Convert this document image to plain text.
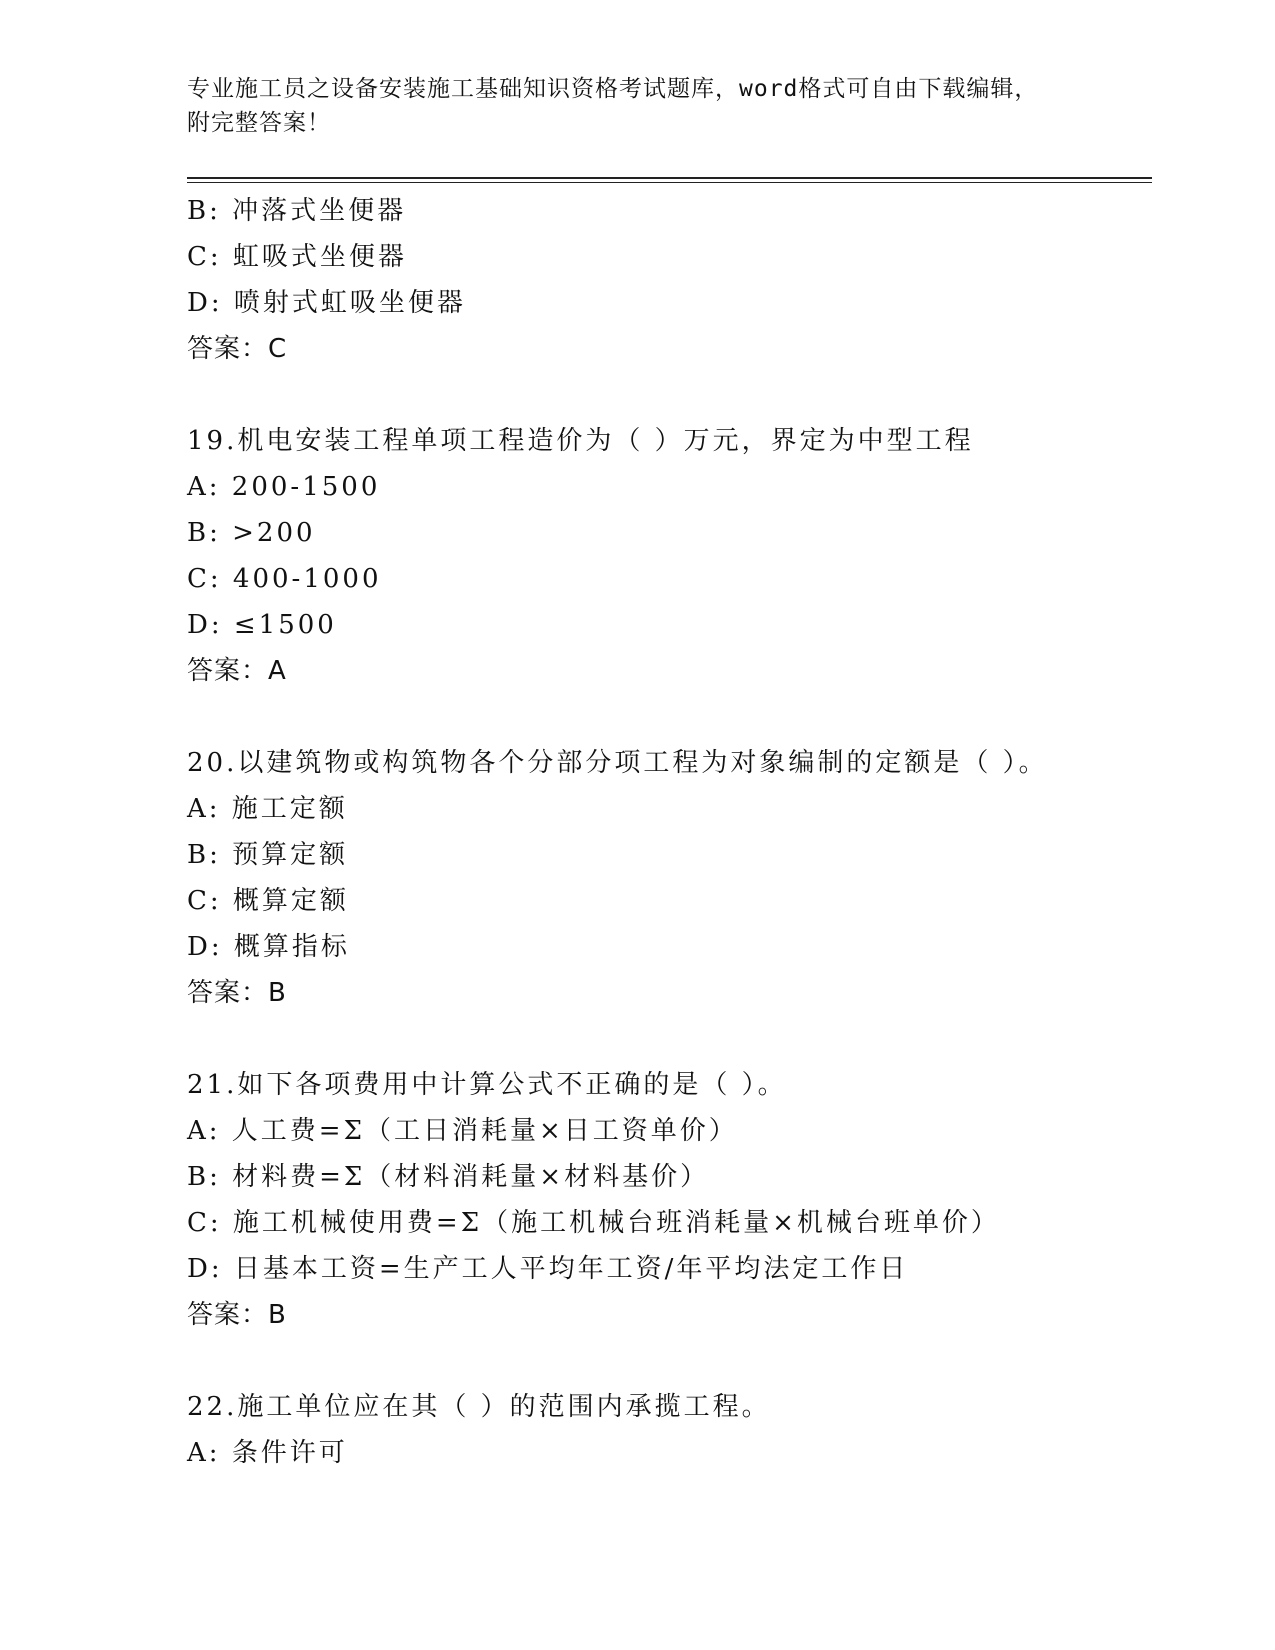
专业施工员之设备安装施工基础知识资格考试题库，word格式可自由下载编辑，
附完整答案！
B: 冲落式坐便器
C: 虹吸式坐便器
D: 喷射式虹吸坐便器
答案：C
19.机电安装工程单项工程造价为（ ）万元，界定为中型工程
A: 200-1500
B: >200
C: 400-1000
D: ≤1500
答案：A
20.以建筑物或构筑物各个分部分项工程为对象编制的定额是（ ）。
A: 施工定额
B: 预算定额
C: 概算定额
D: 概算指标
答案：B
21.如下各项费用中计算公式不正确的是（ ）。
A: 人工费=Σ（工日消耗量×日工资单价）
B: 材料费=Σ（材料消耗量×材料基价）
C: 施工机械使用费=Σ（施工机械台班消耗量×机械台班单价）
D: 日基本工资=生产工人平均年工资/年平均法定工作日
答案：B
22.施工单位应在其（ ）的范围内承揽工程。
A: 条件许可
